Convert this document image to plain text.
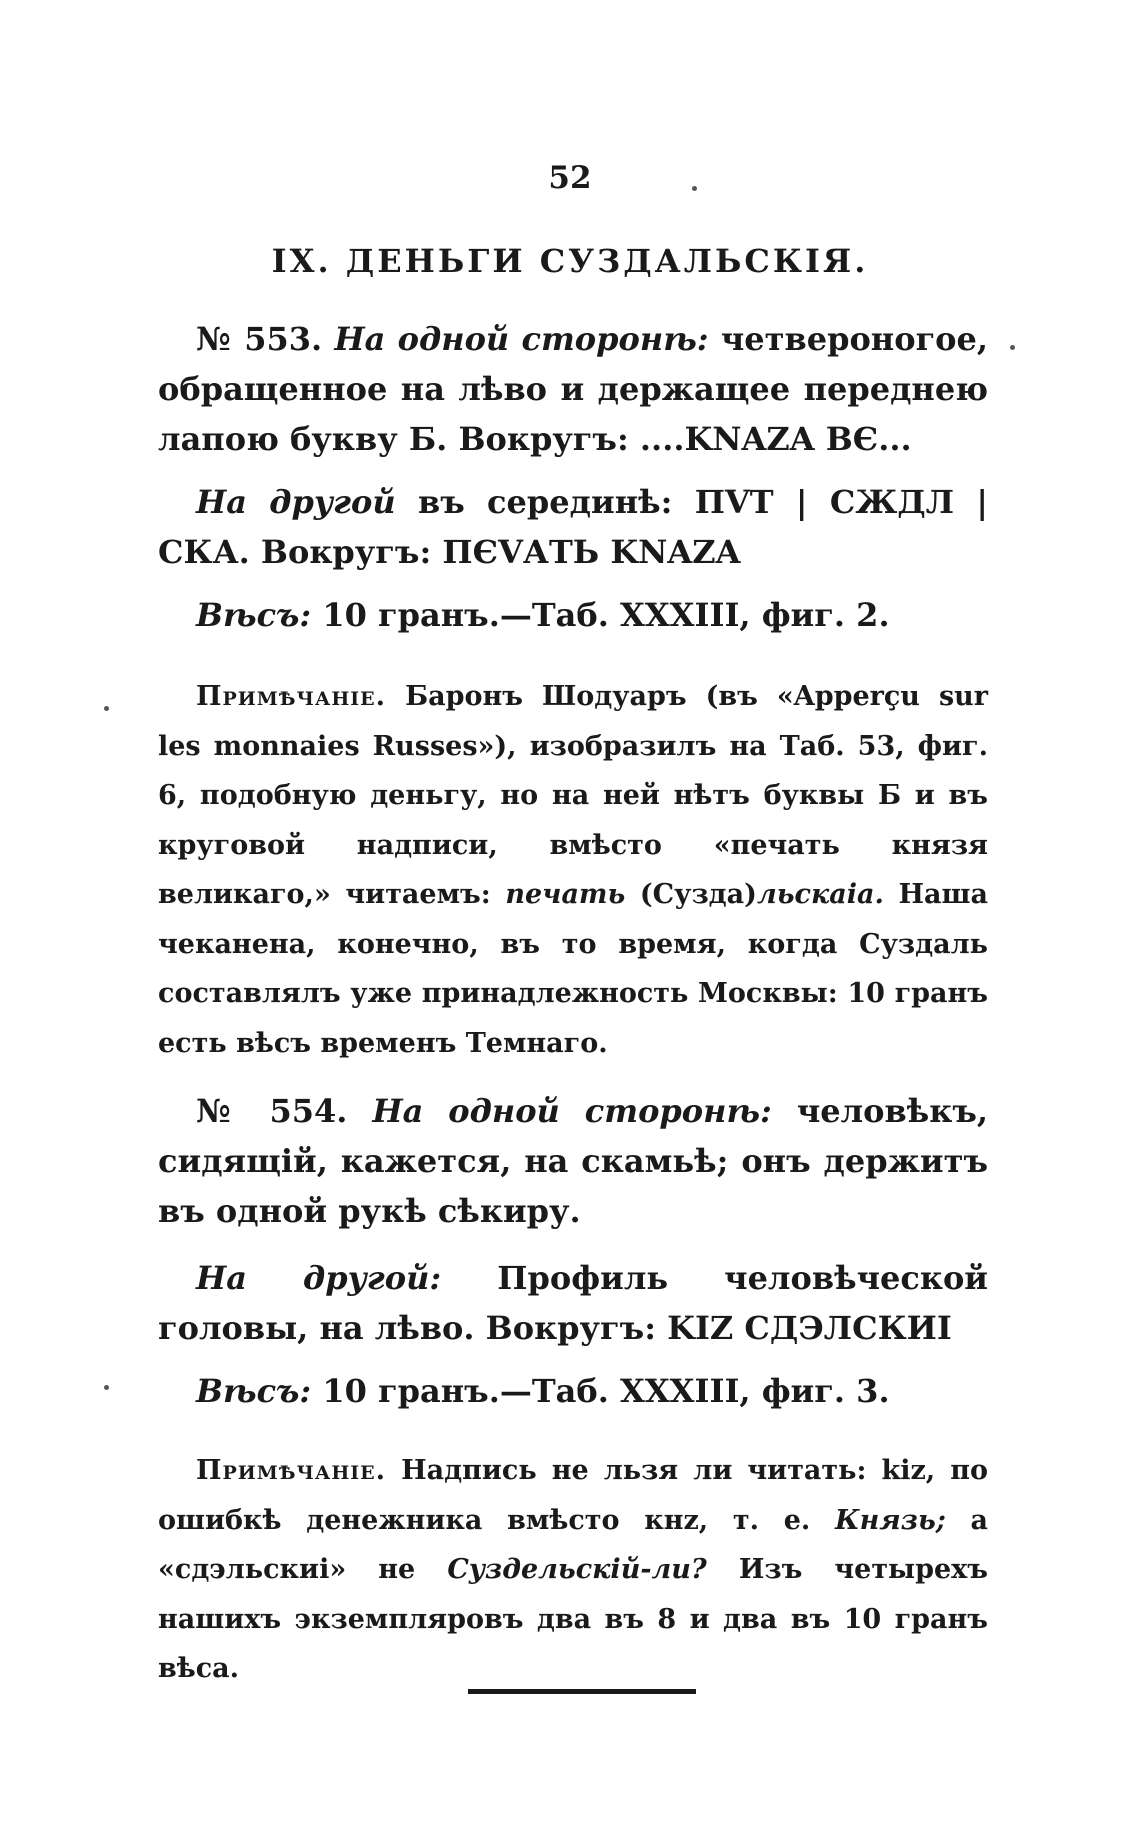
52
IX. ДЕНЬГИ СУЗДАЛЬСКІЯ.

№ 553. На одной сторонѣ: четвероногое, обращенное на лѣво и держащее переднею лапою букву Б. Вокругъ: ....KNAZA ВЄ...

На другой въ серединѣ: ПVТ | СЖДЛ | СКА. Вокругъ: ПЄVАТЬ KNAZA

Вѣсъ: 10 гранъ.—Таб. XXXIII, фиг. 2.

Примѣчаніе. Баронъ Шодуаръ (въ «Apperçu sur les monnaies Russes»), изобразилъ на Таб. 53, фиг. 6, подобную деньгу, но на ней нѣтъ буквы Б и въ круговой надписи, вмѣсто «печать князя великаго,» читаемъ: печать (Сузда)льскаіа. Наша чеканена, конечно, въ то время, когда Суздаль составлялъ уже принадлежность Москвы: 10 гранъ есть вѣсъ временъ Темнаго.

№ 554. На одной сторонѣ: человѣкъ, сидящій, кажется, на скамьѣ; онъ держитъ въ одной рукѣ сѣкиру.

На другой: Профиль человѣческой головы, на лѣво. Вокругъ: KIZ СДЭЛСКИІ

Вѣсъ: 10 гранъ.—Таб. XXXIII, фиг. 3.

Примѣчаніе. Надпись не льзя ли читать: kiz, по ошибкѣ денежника вмѣсто кнz, т. е. Князь; а «сдэльскиі» не Суздельскій-ли? Изъ четырехъ нашихъ экземпляровъ два въ 8 и два въ 10 гранъ вѣса.
